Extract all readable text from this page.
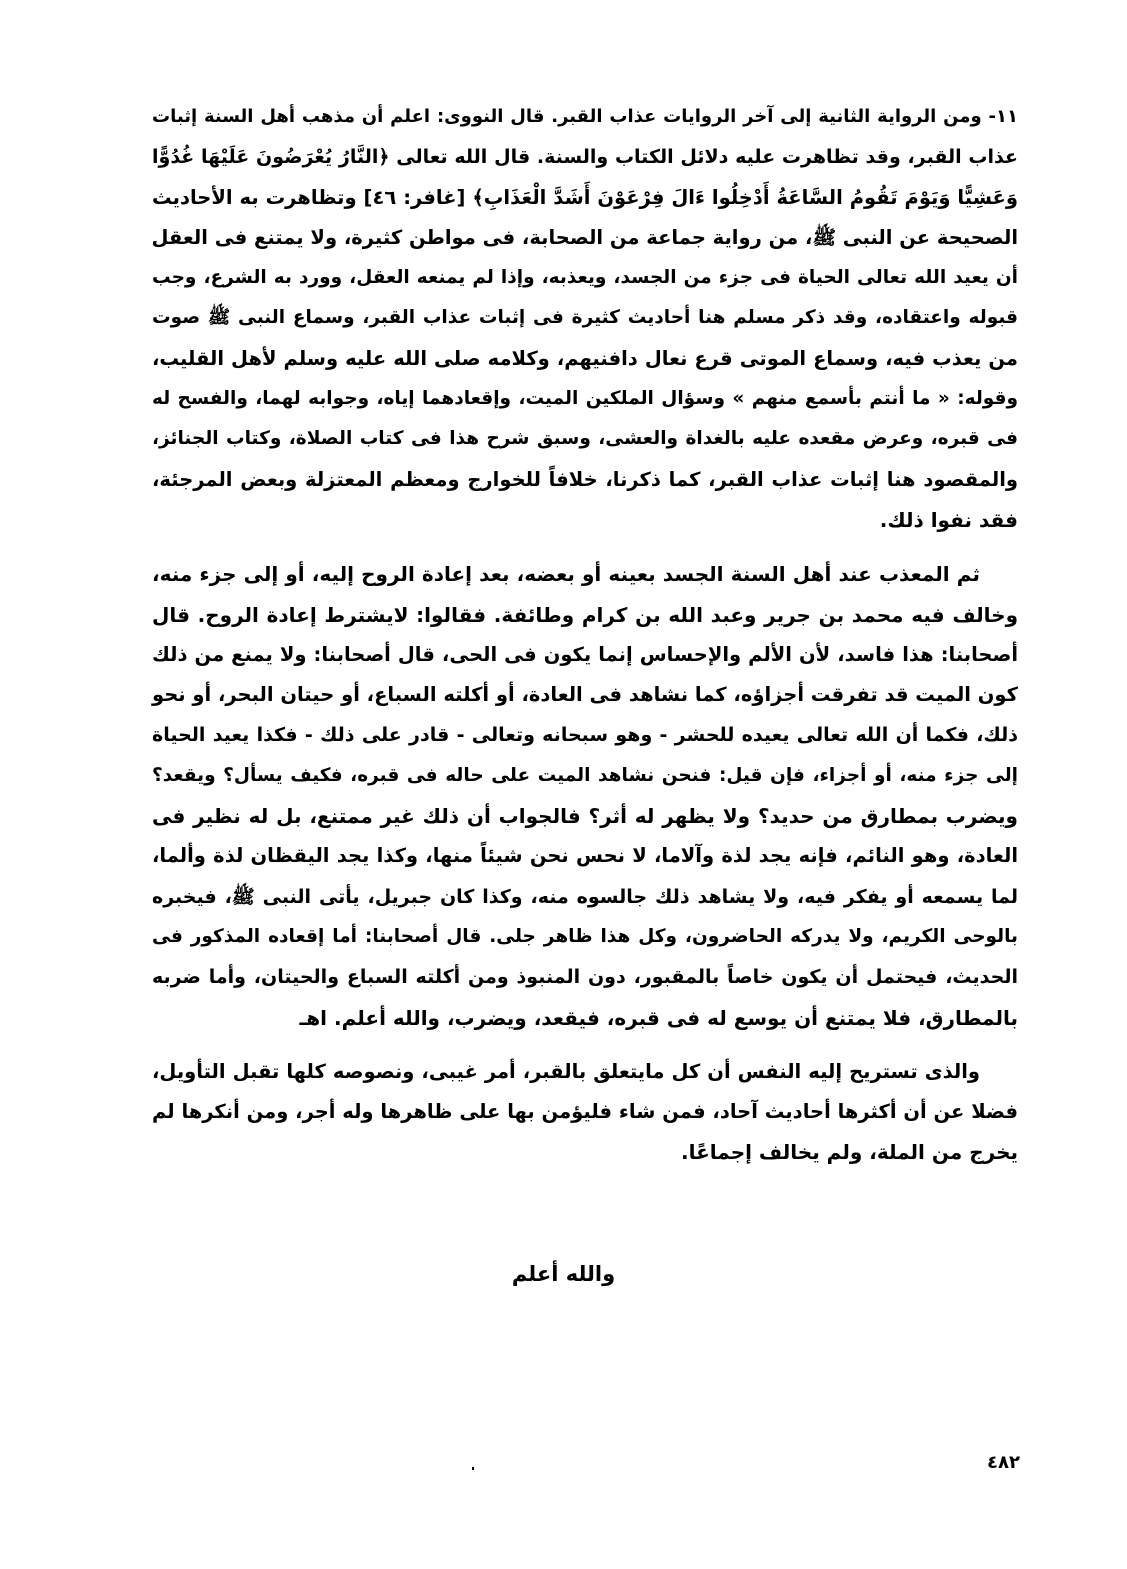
١١- ومن الرواية الثانية إلى آخر الروايات عذاب القبر. قال النووى: اعلم أن مذهب أهل السنة إثبات
عذاب القبر، وقد تظاهرت عليه دلائل الكتاب والسنة. قال الله تعالى ﴿النَّارُ يُعْرَضُونَ عَلَيْهَا غُدُوًّا
وَعَشِيًّا وَيَوْمَ تَقُومُ السَّاعَةُ أَدْخِلُوا ءَالَ فِرْعَوْنَ أَشَدَّ الْعَذَابِ﴾ [غافر: ٤٦] وتظاهرت به الأحاديث
الصحيحة عن النبى ﷺ، من رواية جماعة من الصحابة، فى مواطن كثيرة، ولا يمتنع فى العقل
أن يعيد الله تعالى الحياة فى جزء من الجسد، ويعذبه، وإذا لم يمنعه العقل، وورد به الشرع، وجب
قبوله واعتقاده، وقد ذكر مسلم هنا أحاديث كثيرة فى إثبات عذاب القبر، وسماع النبى ﷺ صوت
من يعذب فيه، وسماع الموتى قرع نعال دافنيهم، وكلامه صلى الله عليه وسلم لأهل القليب،
وقوله: « ما أنتم بأسمع منهم » وسؤال الملكين الميت، وإقعادهما إياه، وجوابه لهما، والفسح له
فى قبره، وعرض مقعده عليه بالغداة والعشى، وسبق شرح هذا فى كتاب الصلاة، وكتاب الجنائز،
والمقصود هنا إثبات عذاب القبر، كما ذكرنا، خلافاً للخوارج ومعظم المعتزلة وبعض المرجئة،
فقد نفوا ذلك.
ثم المعذب عند أهل السنة الجسد بعينه أو بعضه، بعد إعادة الروح إليه، أو إلى جزء منه،
وخالف فيه محمد بن جرير وعبد الله بن كرام وطائفة. فقالوا: لايشترط إعادة الروح. قال
أصحابنا: هذا فاسد، لأن الألم والإحساس إنما يكون فى الحى، قال أصحابنا: ولا يمنع من ذلك
كون الميت قد تفرقت أجزاؤه، كما نشاهد فى العادة، أو أكلته السباع، أو حيتان البحر، أو نحو
ذلك، فكما أن الله تعالى يعيده للحشر - وهو سبحانه وتعالى - قادر على ذلك - فكذا يعيد الحياة
إلى جزء منه، أو أجزاء، فإن قيل: فنحن نشاهد الميت على حاله فى قبره، فكيف يسأل؟ ويقعد؟
ويضرب بمطارق من حديد؟ ولا يظهر له أثر؟ فالجواب أن ذلك غير ممتنع، بل له نظير فى
العادة، وهو النائم، فإنه يجد لذة وآلاما، لا نحس نحن شيئاً منها، وكذا يجد اليقظان لذة وألما،
لما يسمعه أو يفكر فيه، ولا يشاهد ذلك جالسوه منه، وكذا كان جبريل، يأتى النبى ﷺ، فيخبره
بالوحى الكريم، ولا يدركه الحاضرون، وكل هذا ظاهر جلى. قال أصحابنا: أما إقعاده المذكور فى
الحديث، فيحتمل أن يكون خاصاً بالمقبور، دون المنبوذ ومن أكلته السباع والحيتان، وأما ضربه
بالمطارق، فلا يمتنع أن يوسع له فى قبره، فيقعد، ويضرب، والله أعلم. اهـ
والذى تستريح إليه النفس أن كل مايتعلق بالقبر، أمر غيبى، ونصوصه كلها تقبل التأويل،
فضلا عن أن أكثرها أحاديث آحاد، فمن شاء فليؤمن بها على ظاهرها وله أجر، ومن أنكرها لم
يخرج من الملة، ولم يخالف إجماعًا.
والله أعلم
٤٨٢
